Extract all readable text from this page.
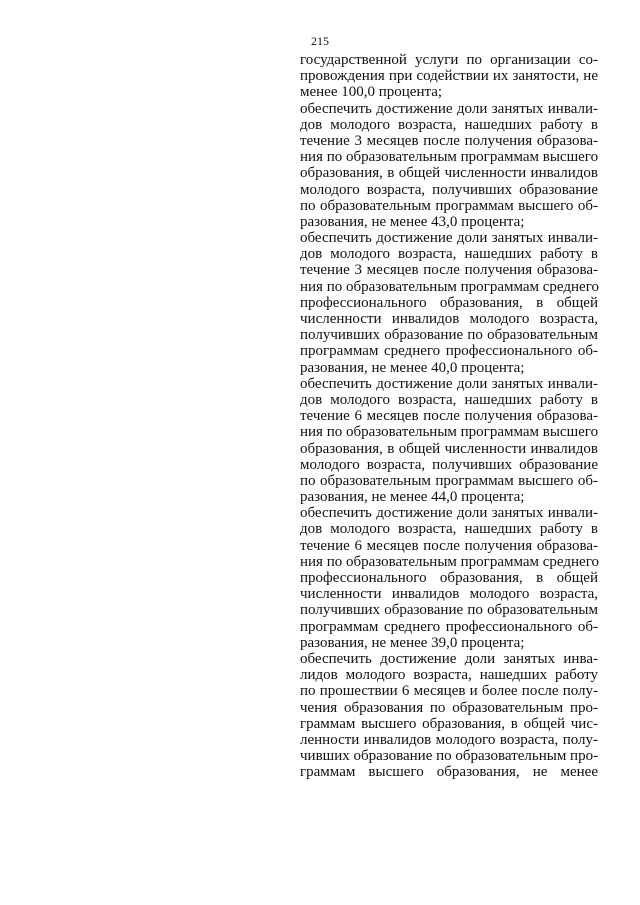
215
государственной услуги по организации со-
провождения при содействии их занятости, не
менее 100,0 процента;
обеспечить достижение доли занятых инвали-
дов молодого возраста, нашедших работу в
течение 3 месяцев после получения образова-
ния по образовательным программам высшего
образования, в общей численности инвалидов
молодого возраста, получивших образование
по образовательным программам высшего об-
разования, не менее 43,0 процента;
обеспечить достижение доли занятых инвали-
дов молодого возраста, нашедших работу в
течение 3 месяцев после получения образова-
ния по образовательным программам среднего
профессионального образования, в общей
численности инвалидов молодого возраста,
получивших образование по образовательным
программам среднего профессионального об-
разования, не менее 40,0 процента;
обеспечить достижение доли занятых инвали-
дов молодого возраста, нашедших работу в
течение 6 месяцев после получения образова-
ния по образовательным программам высшего
образования, в общей численности инвалидов
молодого возраста, получивших образование
по образовательным программам высшего об-
разования, не менее 44,0 процента;
обеспечить достижение доли занятых инвали-
дов молодого возраста, нашедших работу в
течение 6 месяцев после получения образова-
ния по образовательным программам среднего
профессионального образования, в общей
численности инвалидов молодого возраста,
получивших образование по образовательным
программам среднего профессионального об-
разования, не менее 39,0 процента;
обеспечить достижение доли занятых инва-
лидов молодого возраста, нашедших работу
по прошествии 6 месяцев и более после полу-
чения образования по образовательным про-
граммам высшего образования, в общей чис-
ленности инвалидов молодого возраста, полу-
чивших образование по образовательным про-
граммам высшего образования, не менее
